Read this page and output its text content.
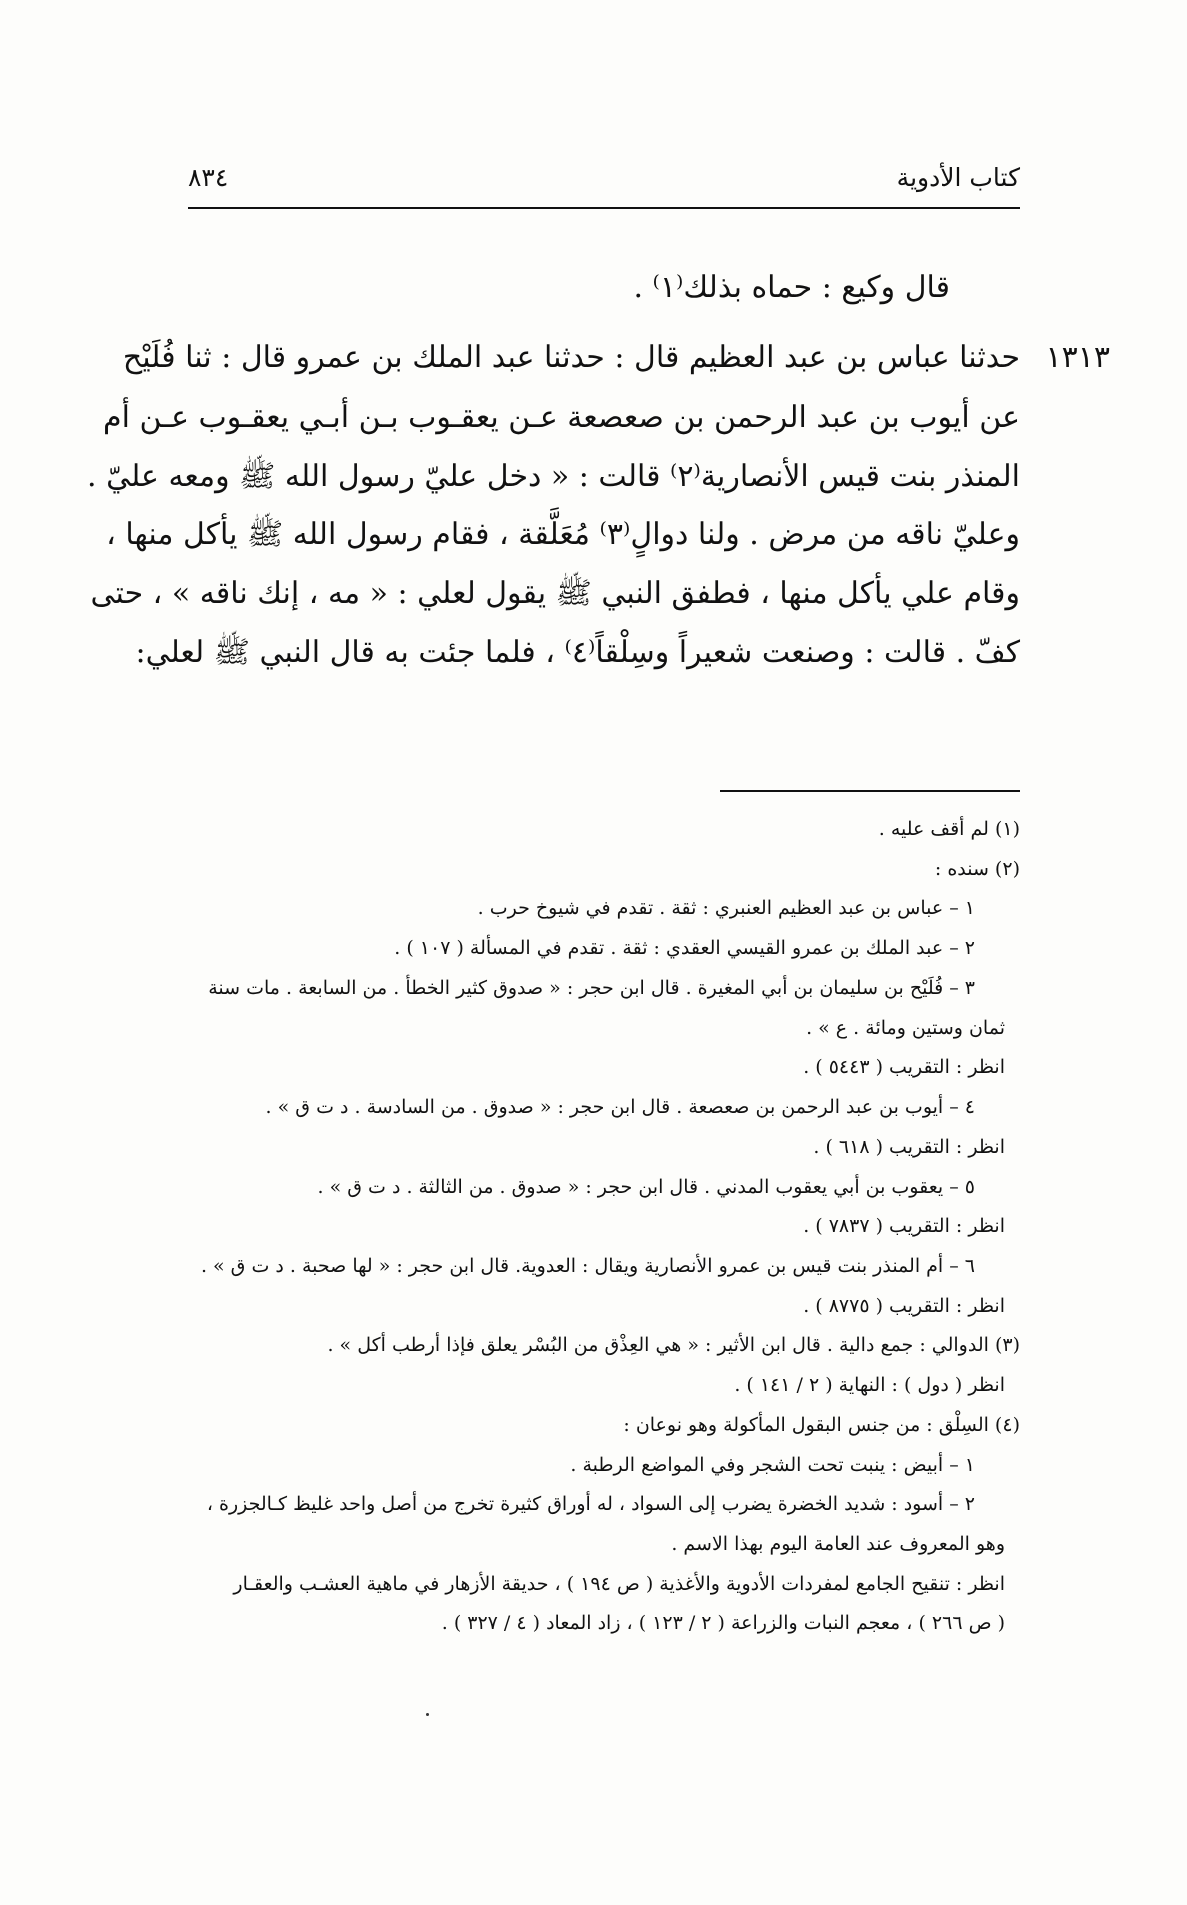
كتاب الأدوية
٨٣٤
قال وكيع : حماه بذلك⁽١⁾ .
١٣١٣
حدثنا عباس بن عبد العظيم قال : حدثنا عبد الملك بن عمرو قال : ثنا فُلَيْح
عن أيوب بن عبد الرحمن بن صعصعة عـن يعقـوب بـن أبـي يعقـوب عـن أم
المنذر بنت قيس الأنصارية⁽٢⁾ قالت : « دخل عليّ رسول الله ﷺ ومعه عليّ .
وعليّ ناقه من مرض . ولنا دوالٍ⁽٣⁾ مُعَلَّقة ، فقام رسول الله ﷺ يأكل منها ،
وقام علي يأكل منها ، فطفق النبي ﷺ يقول لعلي : « مه ، إنك ناقه » ، حتى
كفّ . قالت : وصنعت شعيراً وسِلْقاً⁽٤⁾ ، فلما جئت به قال النبي ﷺ لعلي:
(١) لم أقف عليه .
(٢) سنده :
١ – عباس بن عبد العظيم العنبري : ثقة . تقدم في شيوخ حرب .
٢ – عبد الملك بن عمرو القيسي العقدي : ثقة . تقدم في المسألة ( ١٠٧ ) .
٣ – فُلَيْح بن سليمان بن أبي المغيرة . قال ابن حجر : « صدوق كثير الخطأ . من السابعة . مات سنة
ثمان وستين ومائة . ع » .
انظر : التقريب ( ٥٤٤٣ ) .
٤ – أيوب بن عبد الرحمن بن صعصعة . قال ابن حجر : « صدوق . من السادسة . د ت ق » .
انظر : التقريب ( ٦١٨ ) .
٥ – يعقوب بن أبي يعقوب المدني . قال ابن حجر : « صدوق . من الثالثة . د ت ق » .
انظر : التقريب ( ٧٨٣٧ ) .
٦ – أم المنذر بنت قيس بن عمرو الأنصارية ويقال : العدوية. قال ابن حجر : « لها صحبة . د ت ق » .
انظر : التقريب ( ٨٧٧٥ ) .
(٣) الدوالي : جمع دالية . قال ابن الأثير : « هي العِذْق من البُسْر يعلق فإذا أرطب أكل » .
انظر ( دول ) : النهاية ( ٢ / ١٤١ ) .
(٤) السِلْق : من جنس البقول المأكولة وهو نوعان :
١ – أبيض : ينبت تحت الشجر وفي المواضع الرطبة .
٢ – أسود : شديد الخضرة يضرب إلى السواد ، له أوراق كثيرة تخرج من أصل واحد غليظ كـالجزرة ،
وهو المعروف عند العامة اليوم بهذا الاسم .
انظر : تنقيح الجامع لمفردات الأدوية والأغذية ( ص ١٩٤ ) ، حديقة الأزهار في ماهية العشـب والعقـار
( ص ٢٦٦ ) ، معجم النبات والزراعة ( ٢ / ١٢٣ ) ، زاد المعاد ( ٤ / ٣٢٧ ) .
